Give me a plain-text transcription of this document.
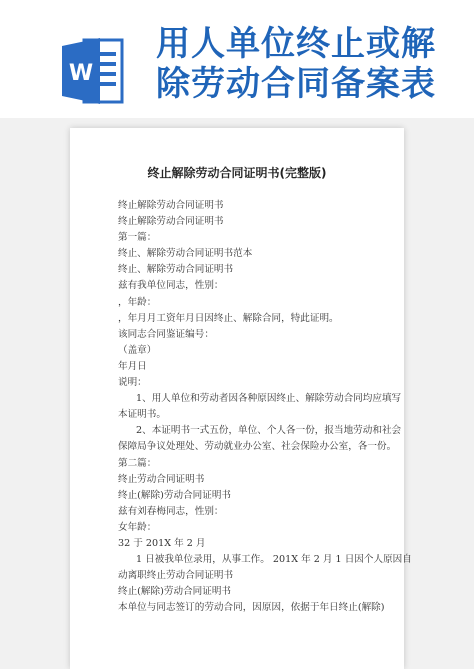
W
用人单位终止或解
除劳动合同备案表
终止解除劳动合同证明书(完整版)
终止解除劳动合同证明书
终止解除劳动合同证明书
第一篇：
终止、解除劳动合同证明书范本
终止、解除劳动合同证明书
兹有我单位同志，性别：
，年龄：
，年月月工资年月日因终止、解除合同，特此证明。
该同志合同鉴证编号：
（盖章）
年月日
说明：
1、用人单位和劳动者因各种原因终止、解除劳动合同均应填写
本证明书。
2、本证明书一式五份，单位、个人各一份，报当地劳动和社会
保障局争议处理处、劳动就业办公室、社会保险办公室，各一份。
第二篇：
终止劳动合同证明书
终止(解除)劳动合同证明书
兹有刘春梅同志，性别：
女年龄：
32 于 201X 年 2 月
1 日被我单位录用，从事工作。 201X 年 2 月 1 日因个人原因自
动离职终止劳动合同证明书
终止(解除)劳动合同证明书
本单位与同志签订的劳动合同，因原因，依据于年日终止(解除)
